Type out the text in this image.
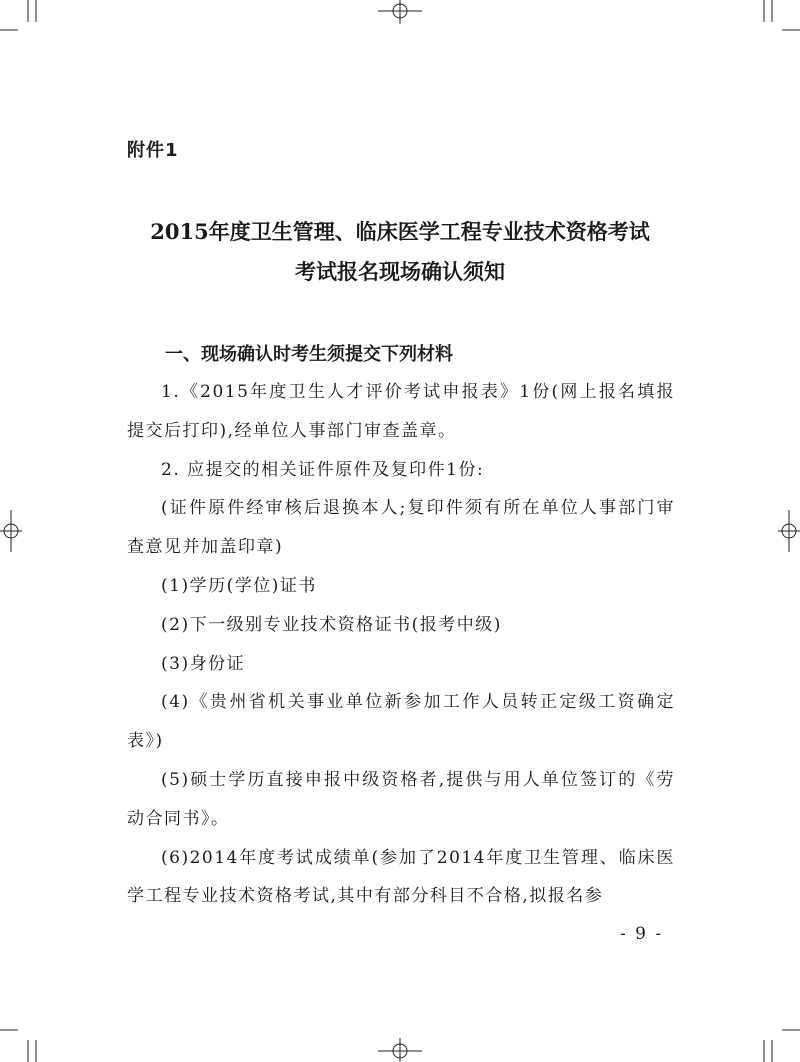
附件1
2015年度卫生管理、临床医学工程专业技术资格考试
考试报名现场确认须知
一、现场确认时考生须提交下列材料

1.《2015年度卫生人才评价考试申报表》1份(网上报名填报提交后打印),经单位人事部门审查盖章。

2. 应提交的相关证件原件及复印件1份:

(证件原件经审核后退换本人;复印件须有所在单位人事部门审查意见并加盖印章)

(1)学历(学位)证书

(2)下一级别专业技术资格证书(报考中级)

(3)身份证

(4)《贵州省机关事业单位新参加工作人员转正定级工资确定表》)

(5)硕士学历直接申报中级资格者,提供与用人单位签订的《劳动合同书》。

(6)2014年度考试成绩单(参加了2014年度卫生管理、临床医学工程专业技术资格考试,其中有部分科目不合格,拟报名参

- 9 -
